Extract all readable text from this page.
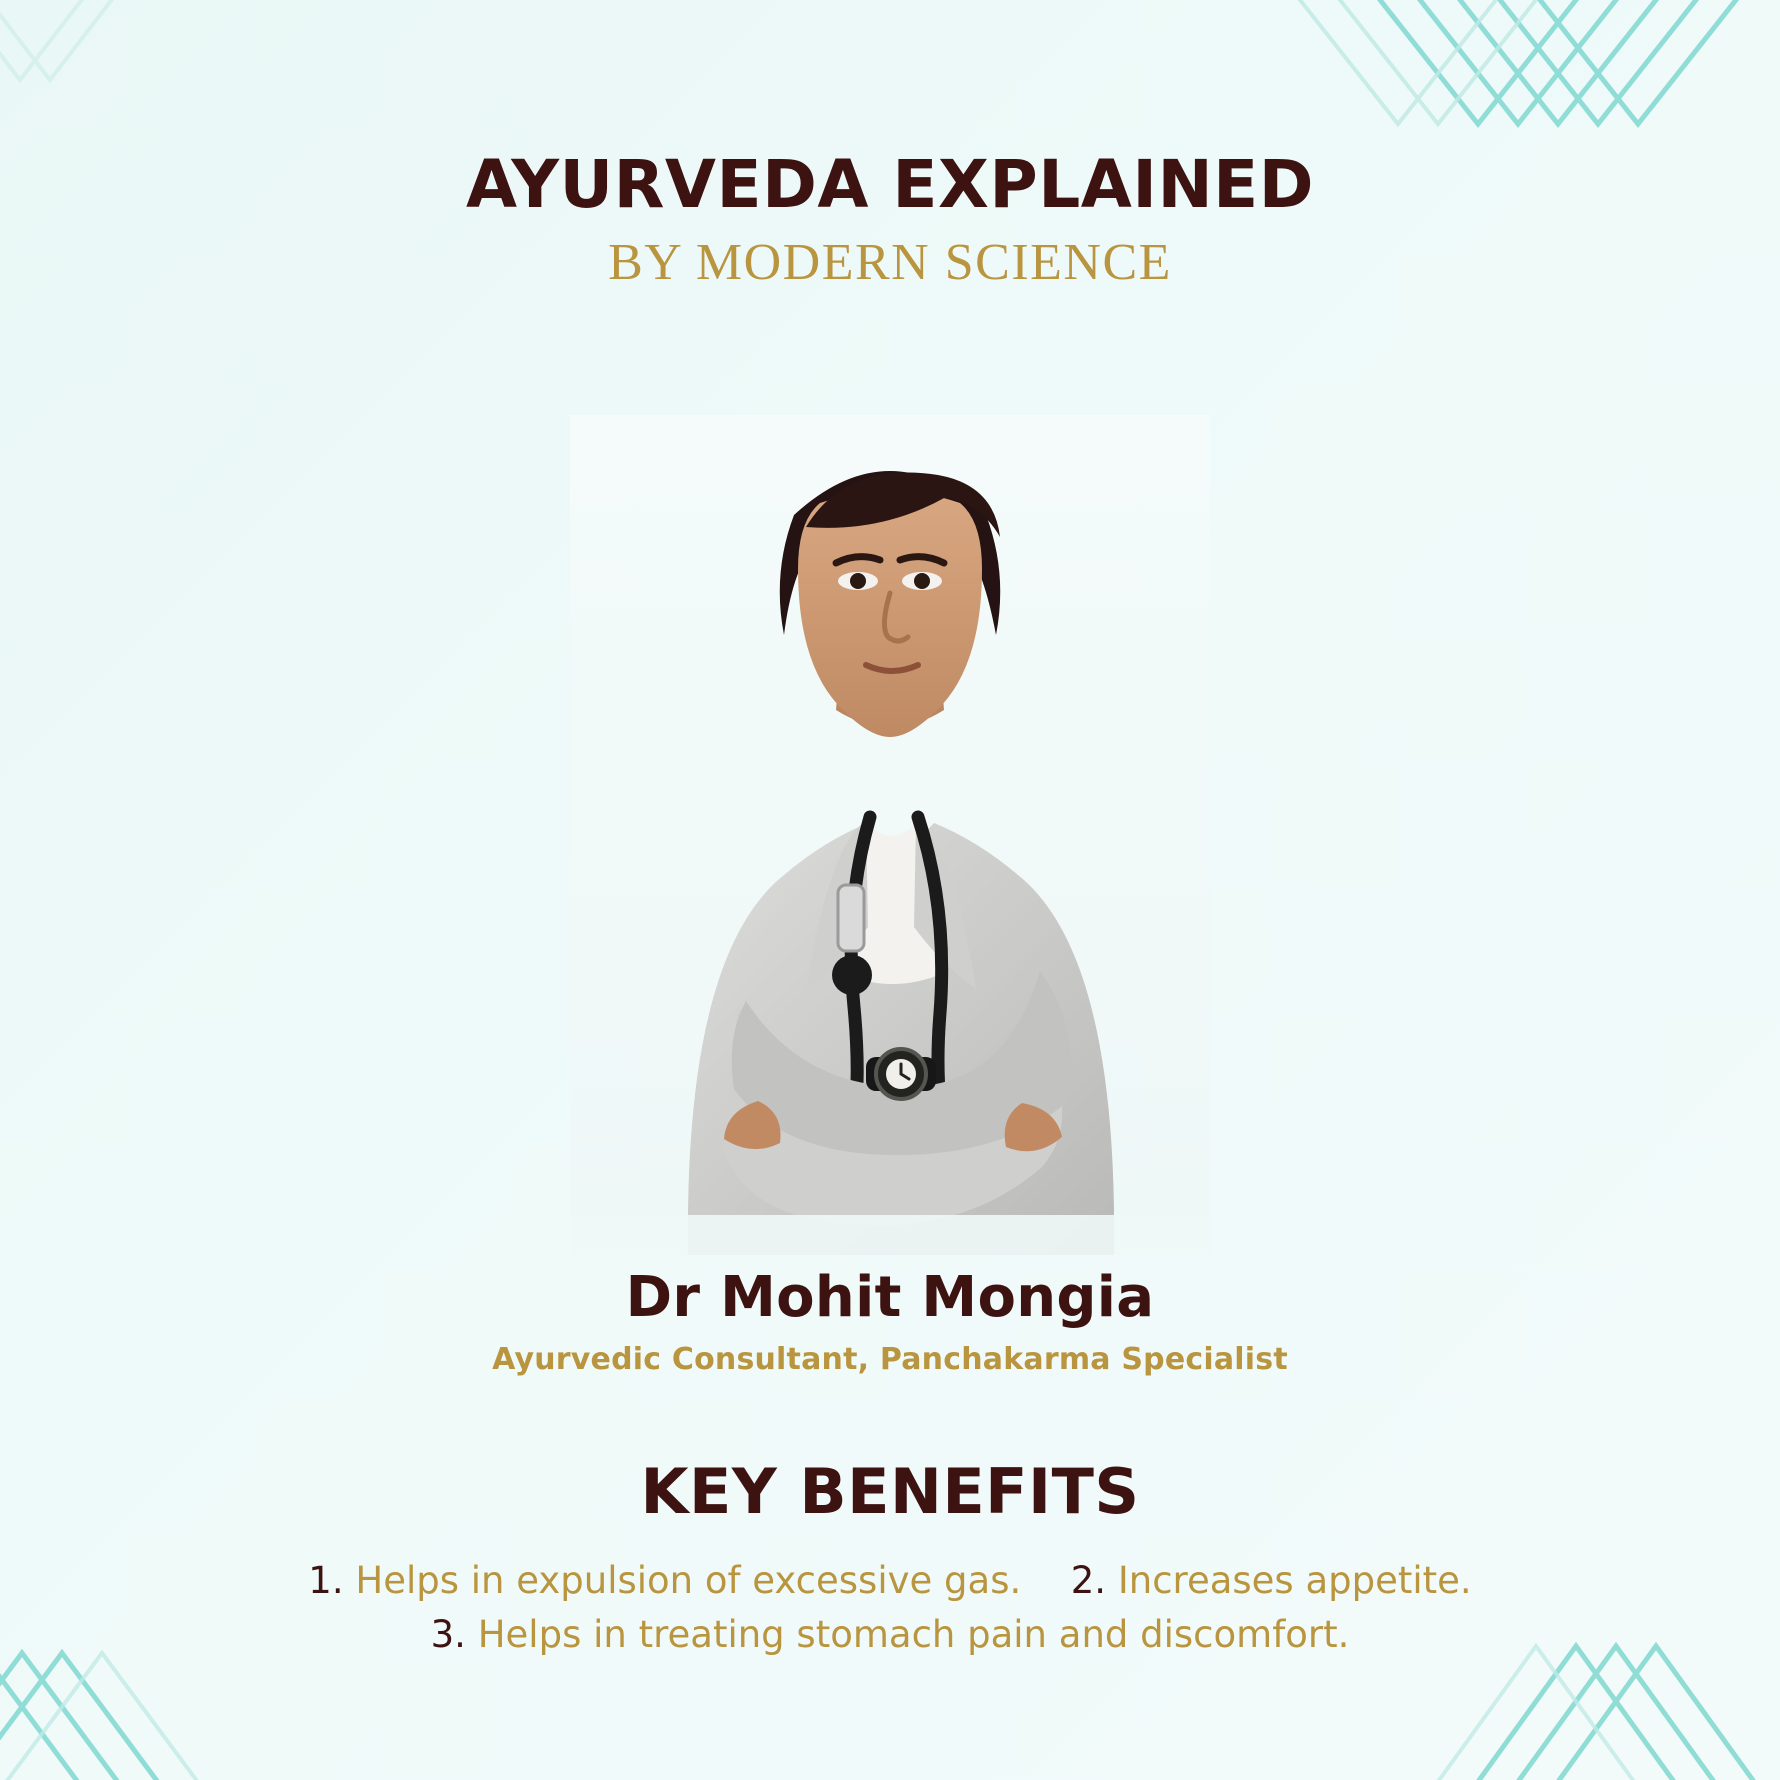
AYURVEDA EXPLAINED
BY MODERN SCIENCE
Dr Mohit Mongia
Ayurvedic Consultant, Panchakarma Specialist
KEY BENEFITS
1. Helps in expulsion of excessive gas. 2. Increases appetite.
3. Helps in treating stomach pain and discomfort.
